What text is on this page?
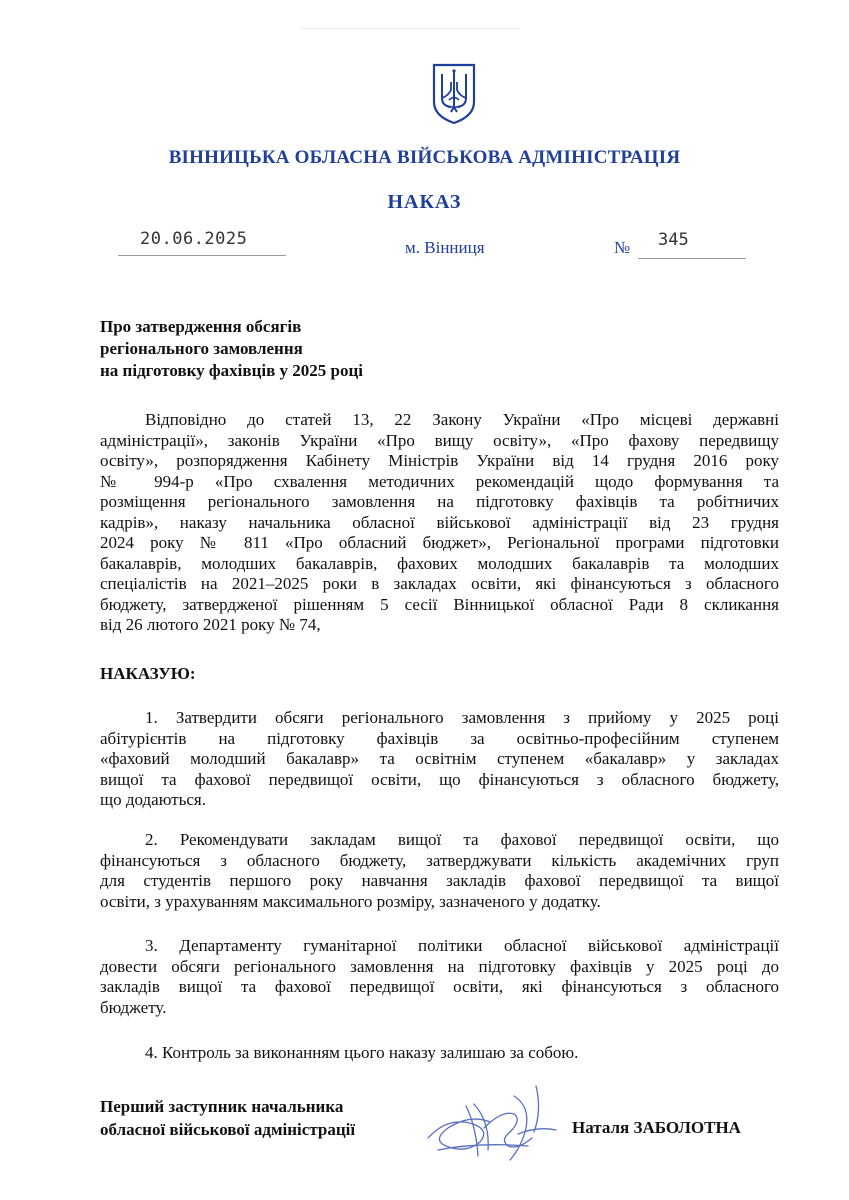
ВІННИЦЬКА ОБЛАСНА ВІЙСЬКОВА АДМІНІСТРАЦІЯ
НАКАЗ
20.06.2025	м. Вінниця	№ 345
Про затвердження обсягів
регіонального замовлення
на підготовку фахівців у 2025 році
Відповідно до статей 13, 22 Закону України «Про місцеві державні
адміністрації», законів України «Про вищу освіту», «Про фахову передвищу
освіту», розпорядження Кабінету Міністрів України від 14 грудня 2016 року
№ 994-р «Про схвалення методичних рекомендацій щодо формування та
розміщення регіонального замовлення на підготовку фахівців та робітничих
кадрів», наказу начальника обласної військової адміністрації від 23 грудня
2024 року № 811 «Про обласний бюджет», Регіональної програми підготовки
бакалаврів, молодших бакалаврів, фахових молодших бакалаврів та молодших
спеціалістів на 2021–2025 роки в закладах освіти, які фінансуються з обласного
бюджету, затвердженої рішенням 5 сесії Вінницької обласної Ради 8 скликання
від 26 лютого 2021 року № 74,
НАКАЗУЮ:
1. Затвердити обсяги регіонального замовлення з прийому у 2025 році
абітурієнтів на підготовку фахівців за освітньо-професійним ступенем
«фаховий молодший бакалавр» та освітнім ступенем «бакалавр» у закладах
вищої та фахової передвищої освіти, що фінансуються з обласного бюджету,
що додаються.
2. Рекомендувати закладам вищої та фахової передвищої освіти, що
фінансуються з обласного бюджету, затверджувати кількість академічних груп
для студентів першого року навчання закладів фахової передвищої та вищої
освіти, з урахуванням максимального розміру, зазначеного у додатку.
3. Департаменту гуманітарної політики обласної військової адміністрації
довести обсяги регіонального замовлення на підготовку фахівців у 2025 році до
закладів вищої та фахової передвищої освіти, які фінансуються з обласного
бюджету.
4. Контроль за виконанням цього наказу залишаю за собою.
Перший заступник начальника
обласної військової адміністрації	Наталя ЗАБОЛОТНА
